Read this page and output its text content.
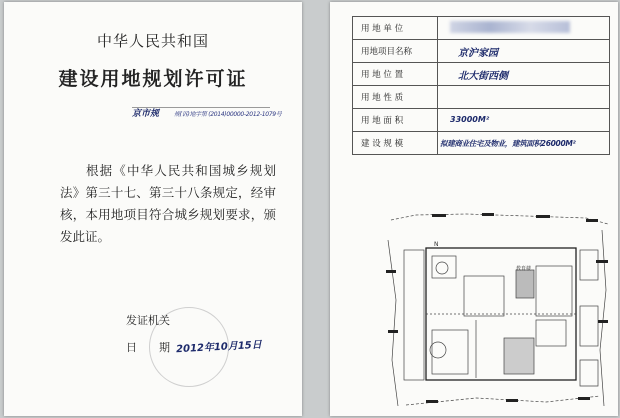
中华人民共和国
建设用地规划许可证
京市规 规(诉)地字第 (2014)00000-2012-1079号
根据《中华人民共和国城乡规划法》第三十七、第三十八条规定，经审核，本用地项目符合城乡规划要求，颁发此证。
发证机关
日　　期 2012年10月15日
用 地 单 位	
用地项目名称	京沪家园
用 地 位 置	北大街西侧
用 地 性 质	
用 地 面 积	33000M²
建 设 规 模	拟建商业住宅及物业，建筑面积26000M²
N
教育楼
